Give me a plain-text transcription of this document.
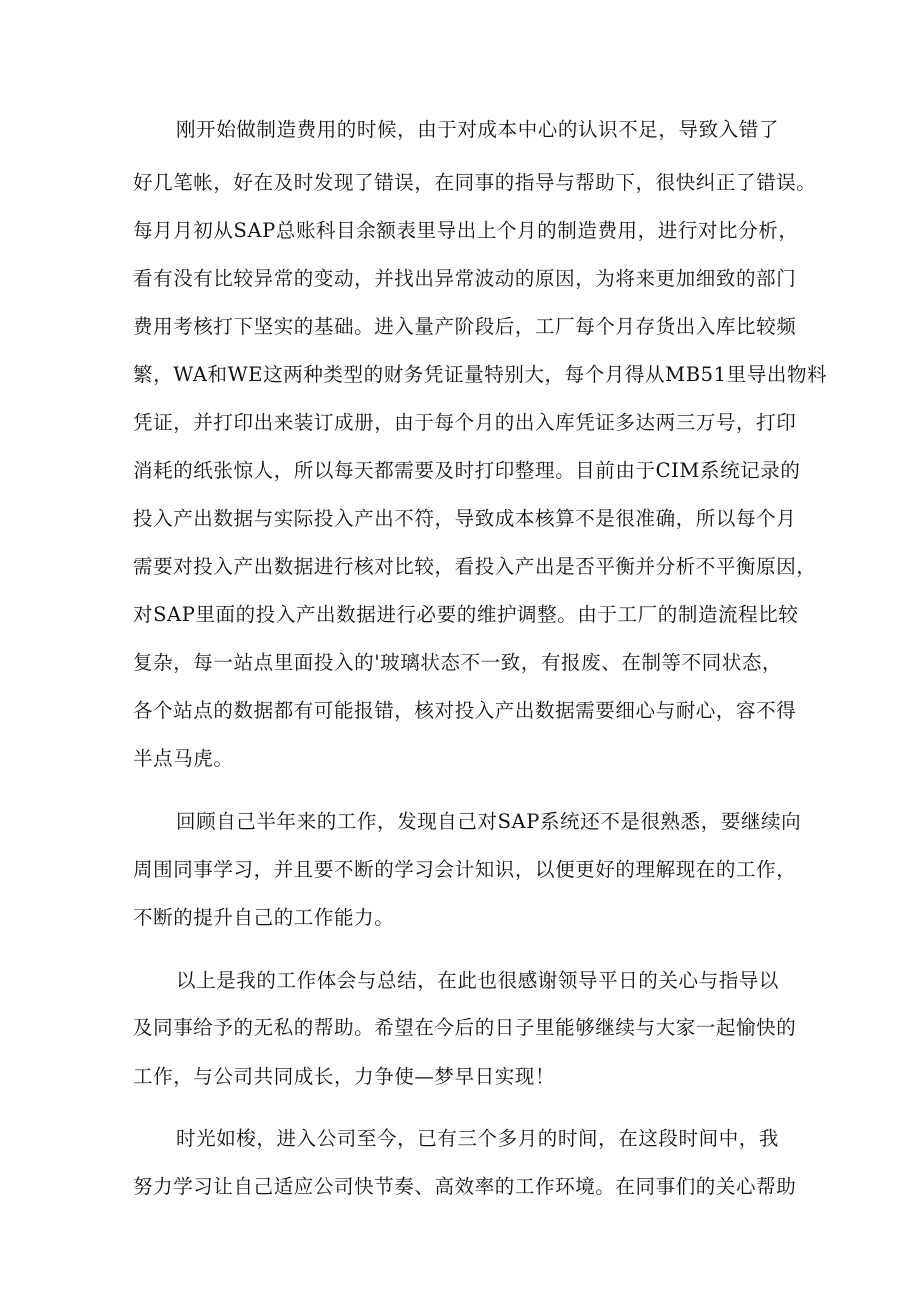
刚开始做制造费用的时候，由于对成本中心的认识不足，导致入错了

好几笔帐，好在及时发现了错误，在同事的指导与帮助下，很快纠正了错误。

每月月初从SAP总账科目余额表里导出上个月的制造费用，进行对比分析，

看有没有比较异常的变动，并找出异常波动的原因，为将来更加细致的部门

费用考核打下坚实的基础。进入量产阶段后，工厂每个月存货出入库比较频

繁，WA和WE这两种类型的财务凭证量特别大，每个月得从MB51里导出物料

凭证，并打印出来装订成册，由于每个月的出入库凭证多达两三万号，打印

消耗的纸张惊人，所以每天都需要及时打印整理。目前由于CIM系统记录的

投入产出数据与实际投入产出不符，导致成本核算不是很准确，所以每个月

需要对投入产出数据进行核对比较，看投入产出是否平衡并分析不平衡原因，

对SAP里面的投入产出数据进行必要的维护调整。由于工厂的制造流程比较

复杂，每一站点里面投入的'玻璃状态不一致，有报废、在制等不同状态，

各个站点的数据都有可能报错，核对投入产出数据需要细心与耐心，容不得

半点马虎。

回顾自己半年来的工作，发现自己对SAP系统还不是很熟悉，要继续向

周围同事学习，并且要不断的学习会计知识，以便更好的理解现在的工作，

不断的提升自己的工作能力。

以上是我的工作体会与总结，在此也很感谢领导平日的关心与指导以

及同事给予的无私的帮助。希望在今后的日子里能够继续与大家一起愉快的

工作，与公司共同成长，力争使—梦早日实现！

时光如梭，进入公司至今，已有三个多月的时间，在这段时间中，我

努力学习让自己适应公司快节奏、高效率的工作环境。在同事们的关心帮助
